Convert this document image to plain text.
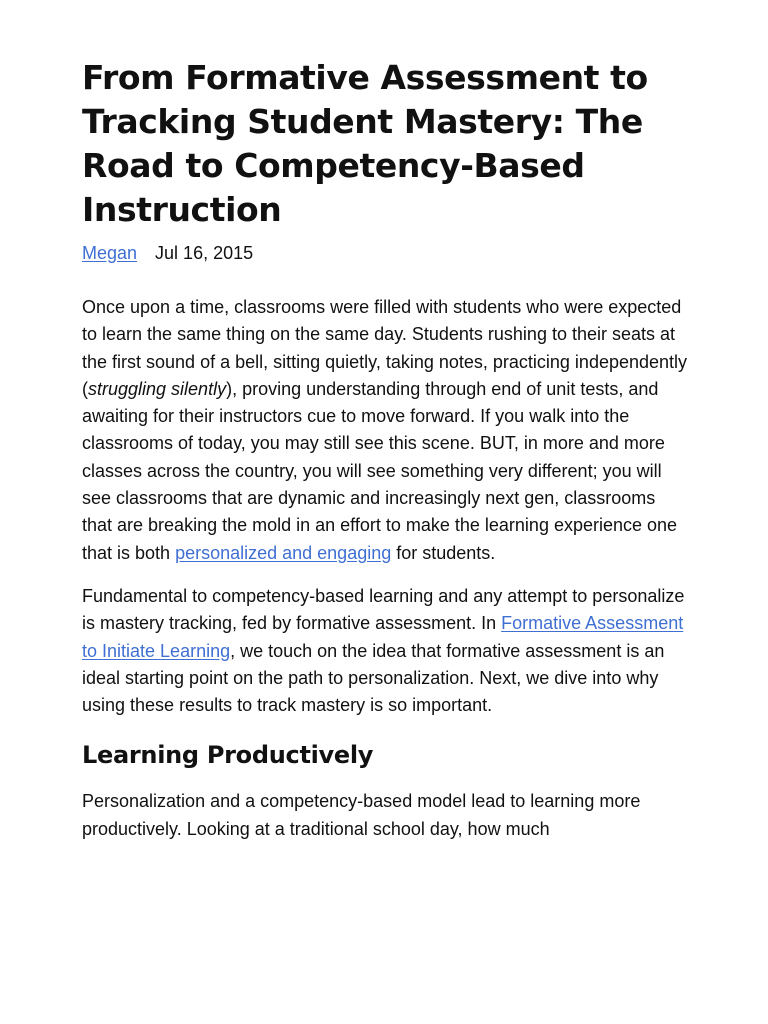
From Formative Assessment to Tracking Student Mastery: The Road to Competency-Based Instruction
Megan Jul 16, 2015

Once upon a time, classrooms were filled with students who were expected to learn the same thing on the same day. Students rushing to their seats at the first sound of a bell, sitting quietly, taking notes, practicing independently (struggling silently), proving understanding through end of unit tests, and awaiting for their instructors cue to move forward. If you walk into the classrooms of today, you may still see this scene. BUT, in more and more classes across the country, you will see something very different; you will see classrooms that are dynamic and increasingly next gen, classrooms that are breaking the mold in an effort to make the learning experience one that is both personalized and engaging for students.

Fundamental to competency-based learning and any attempt to personalize is mastery tracking, fed by formative assessment. In Formative Assessment to Initiate Learning, we touch on the idea that formative assessment is an ideal starting point on the path to personalization. Next, we dive into why using these results to track mastery is so important.

Learning Productively

Personalization and a competency-based model lead to learning more productively. Looking at a traditional school day, how much
